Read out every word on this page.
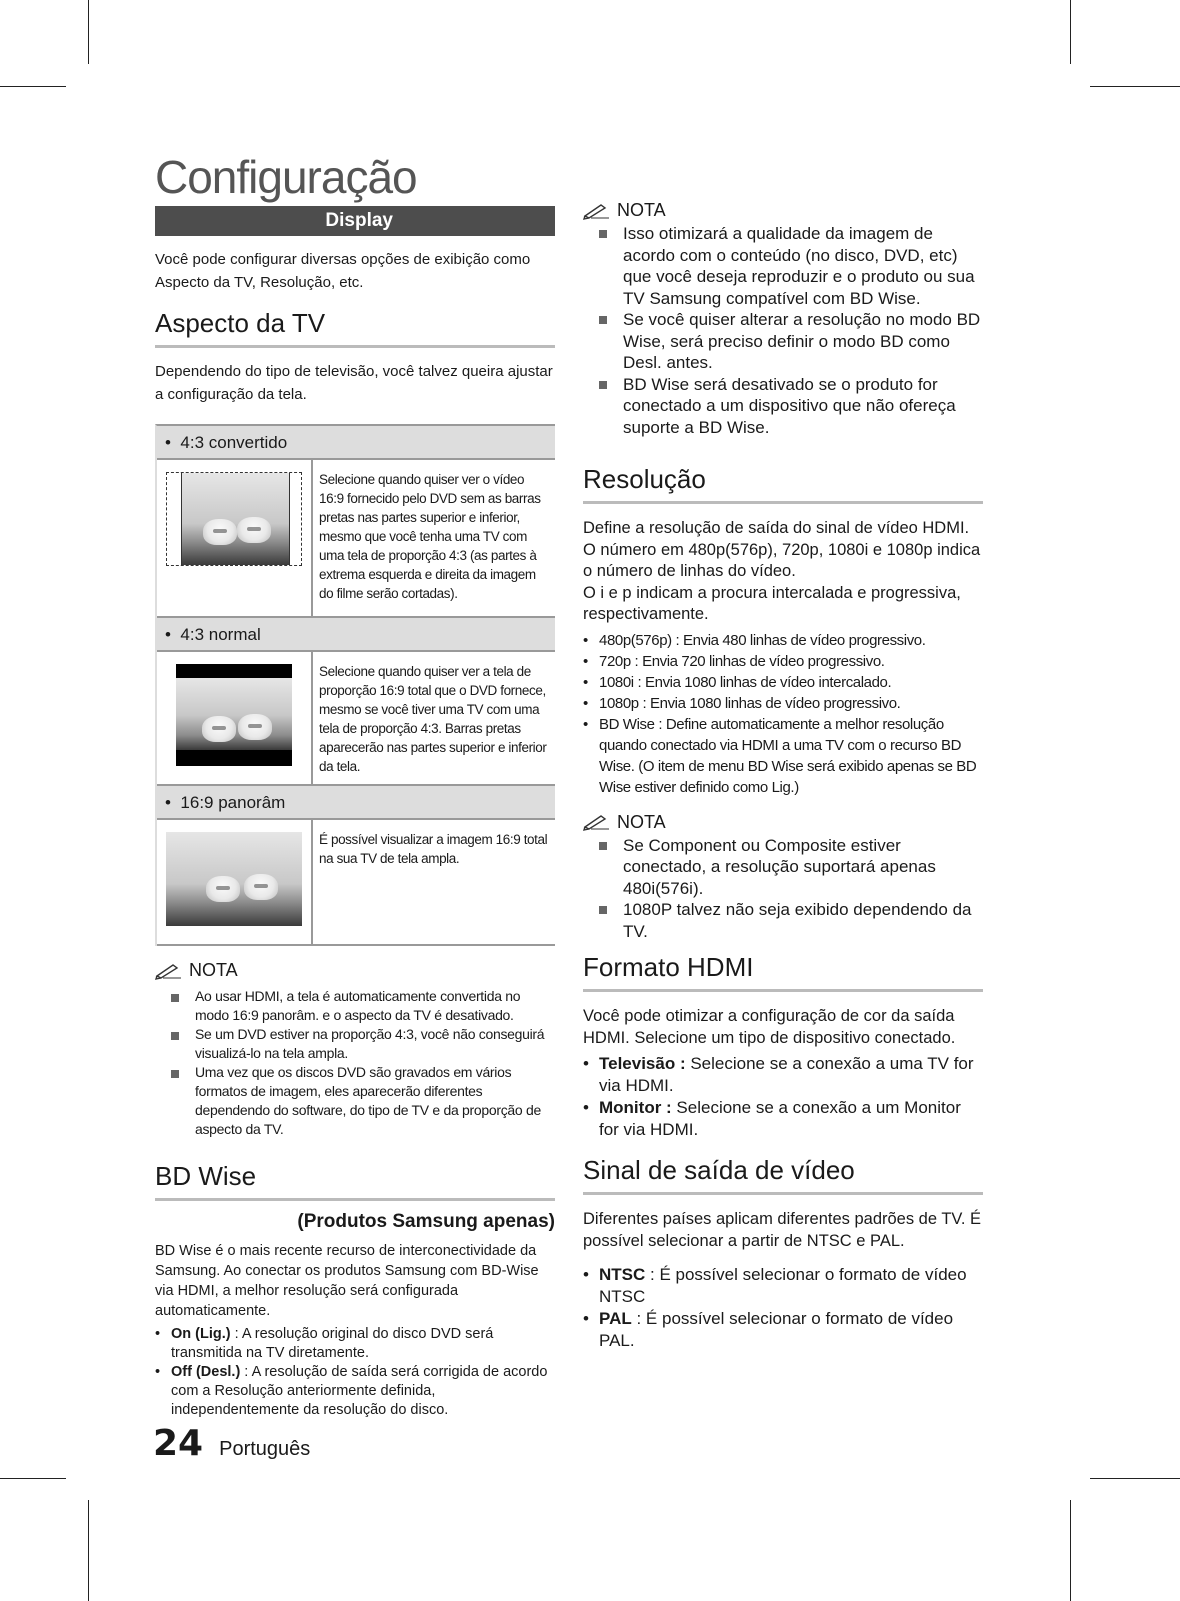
Configuração
Display

Você pode configurar diversas opções de exibição como Aspecto da TV, Resolução, etc.

Aspecto da TV

Dependendo do tipo de televisão, você talvez queira ajustar a configuração da tela.

•  4:3 convertido
Selecione quando quiser ver o vídeo 16:9 fornecido pelo DVD sem as barras pretas nas partes superior e inferior, mesmo que você tenha uma TV com uma tela de proporção 4:3 (as partes à extrema esquerda e direita da imagem do filme serão cortadas).
•  4:3 normal
Selecione quando quiser ver a tela de proporção 16:9 total que o DVD fornece, mesmo se você tiver uma TV com uma tela de proporção 4:3. Barras pretas aparecerão nas partes superior e inferior da tela.
•  16:9 panorâm
É possível visualizar a imagem 16:9 total na sua TV de tela ampla.
NOTA
Ao usar HDMI, a tela é automaticamente convertida no modo 16:9 panorâm. e o aspecto da TV é desativado.
Se um DVD estiver na proporção 4:3, você não conseguirá visualizá-lo na tela ampla.
Uma vez que os discos DVD são gravados em vários formatos de imagem, eles aparecerão diferentes dependendo do software, do tipo de TV e da proporção de aspecto da TV.
BD Wise
(Produtos Samsung apenas)

BD Wise é o mais recente recurso de interconectividade da Samsung. Ao conectar os produtos Samsung com BD-Wise via HDMI, a melhor resolução será configurada automaticamente.

• On (Lig.) : A resolução original do disco DVD será transmitida na TV diretamente.
• Off (Desl.) : A resolução de saída será corrigida de acordo com a Resolução anteriormente definida, independentemente da resolução do disco.
NOTA
Isso otimizará a qualidade da imagem de acordo com o conteúdo (no disco, DVD, etc) que você deseja reproduzir e o produto ou sua TV Samsung compatível com BD Wise.
Se você quiser alterar a resolução no modo BD Wise, será preciso definir o modo BD como Desl. antes.
BD Wise será desativado se o produto for conectado a um dispositivo que não ofereça suporte a BD Wise.
Resolução

Define a resolução de saída do sinal de vídeo HDMI. O número em 480p(576p), 720p, 1080i e 1080p indica o número de linhas do vídeo.

O i e p indicam a procura intercalada e progressiva, respectivamente.

• 480p(576p) : Envia 480 linhas de vídeo progressivo.
• 720p : Envia 720 linhas de vídeo progressivo.
• 1080i : Envia 1080 linhas de vídeo intercalado.
• 1080p : Envia 1080 linhas de vídeo progressivo.
• BD Wise : Define automaticamente a melhor resolução quando conectado via HDMI a uma TV com o recurso BD Wise. (O item de menu BD Wise será exibido apenas se BD Wise estiver definido como Lig.)
NOTA
Se Component ou Composite estiver conectado, a resolução suportará apenas 480i(576i).
1080P talvez não seja exibido dependendo da TV.
Formato HDMI

Você pode otimizar a configuração de cor da saída HDMI. Selecione um tipo de dispositivo conectado.

• Televisão : Selecione se a conexão a uma TV for via HDMI.
• Monitor : Selecione se a conexão a um Monitor for via HDMI.
Sinal de saída de vídeo

Diferentes países aplicam diferentes padrões de TV. É possível selecionar a partir de NTSC e PAL.

• NTSC : É possível selecionar o formato de vídeo NTSC
• PAL : É possível selecionar o formato de vídeo PAL.
24 Português
